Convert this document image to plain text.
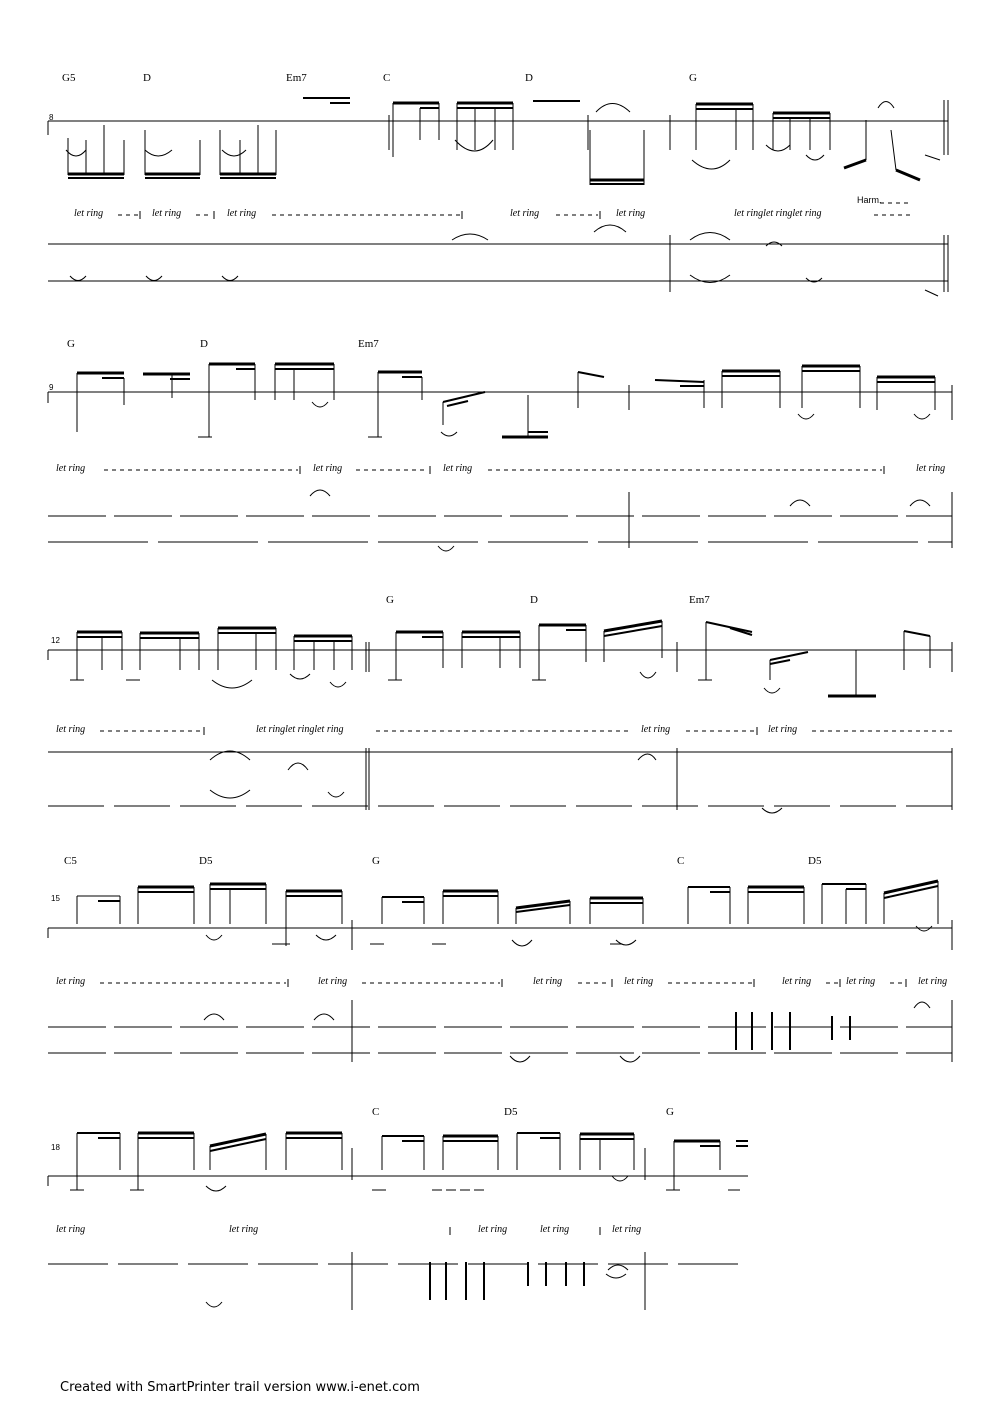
G5	D	Em7	C	D	G
8
let ring	let ring	let ring	let ring	let ring	let ringlet ringlet ring
Harm.
G	D	Em7
9
let ring	let ring	let ring	let ring
G	D	Em7
12
let ring	let ringlet ringlet ring	let ring	let ring
C5	D5	G	C	D5
15
let ring	let ring	let ring	let ring	let ring	let ring	let ring
C	D5	G
18
let ring	let ring	let ring	let ring	let ring
Created with SmartPrinter trail version www.i-enet.com
